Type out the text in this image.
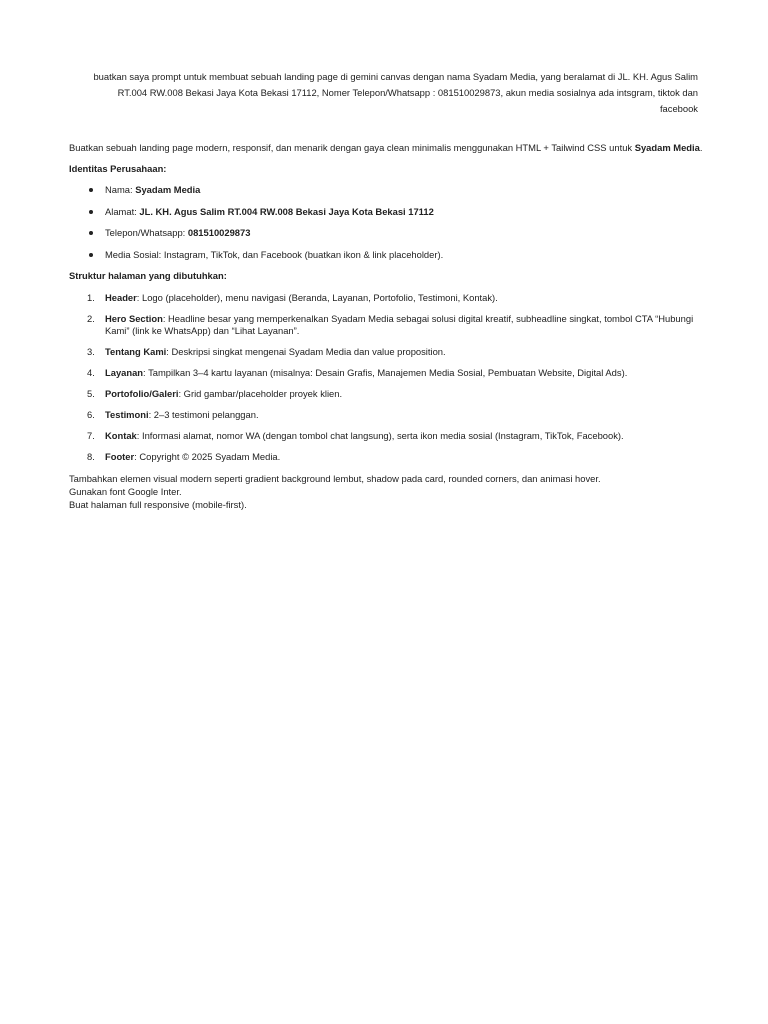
buatkan saya prompt untuk membuat sebuah landing page di gemini canvas dengan nama Syadam Media, yang beralamat di JL. KH. Agus Salim
RT.004 RW.008 Bekasi Jaya Kota Bekasi 17112, Nomer Telepon/Whatsapp : 081510029873, akun media sosialnya ada intsgram, tiktok dan
facebook

Buatkan sebuah landing page modern, responsif, dan menarik dengan gaya clean minimalis menggunakan HTML + Tailwind CSS untuk Syadam Media.

Identitas Perusahaan:

Nama: Syadam Media
Alamat: JL. KH. Agus Salim RT.004 RW.008 Bekasi Jaya Kota Bekasi 17112
Telepon/Whatsapp: 081510029873
Media Sosial: Instagram, TikTok, dan Facebook (buatkan ikon & link placeholder).

Struktur halaman yang dibutuhkan:

1. Header: Logo (placeholder), menu navigasi (Beranda, Layanan, Portofolio, Testimoni, Kontak).
2. Hero Section: Headline besar yang memperkenalkan Syadam Media sebagai solusi digital kreatif, subheadline singkat, tombol CTA “Hubungi Kami” (link ke WhatsApp) dan “Lihat Layanan”.
3. Tentang Kami: Deskripsi singkat mengenai Syadam Media dan value proposition.
4. Layanan: Tampilkan 3–4 kartu layanan (misalnya: Desain Grafis, Manajemen Media Sosial, Pembuatan Website, Digital Ads).
5. Portofolio/Galeri: Grid gambar/placeholder proyek klien.
6. Testimoni: 2–3 testimoni pelanggan.
7. Kontak: Informasi alamat, nomor WA (dengan tombol chat langsung), serta ikon media sosial (Instagram, TikTok, Facebook).
8. Footer: Copyright © 2025 Syadam Media.

Tambahkan elemen visual modern seperti gradient background lembut, shadow pada card, rounded corners, dan animasi hover.

Gunakan font Google Inter.

Buat halaman full responsive (mobile-first).
